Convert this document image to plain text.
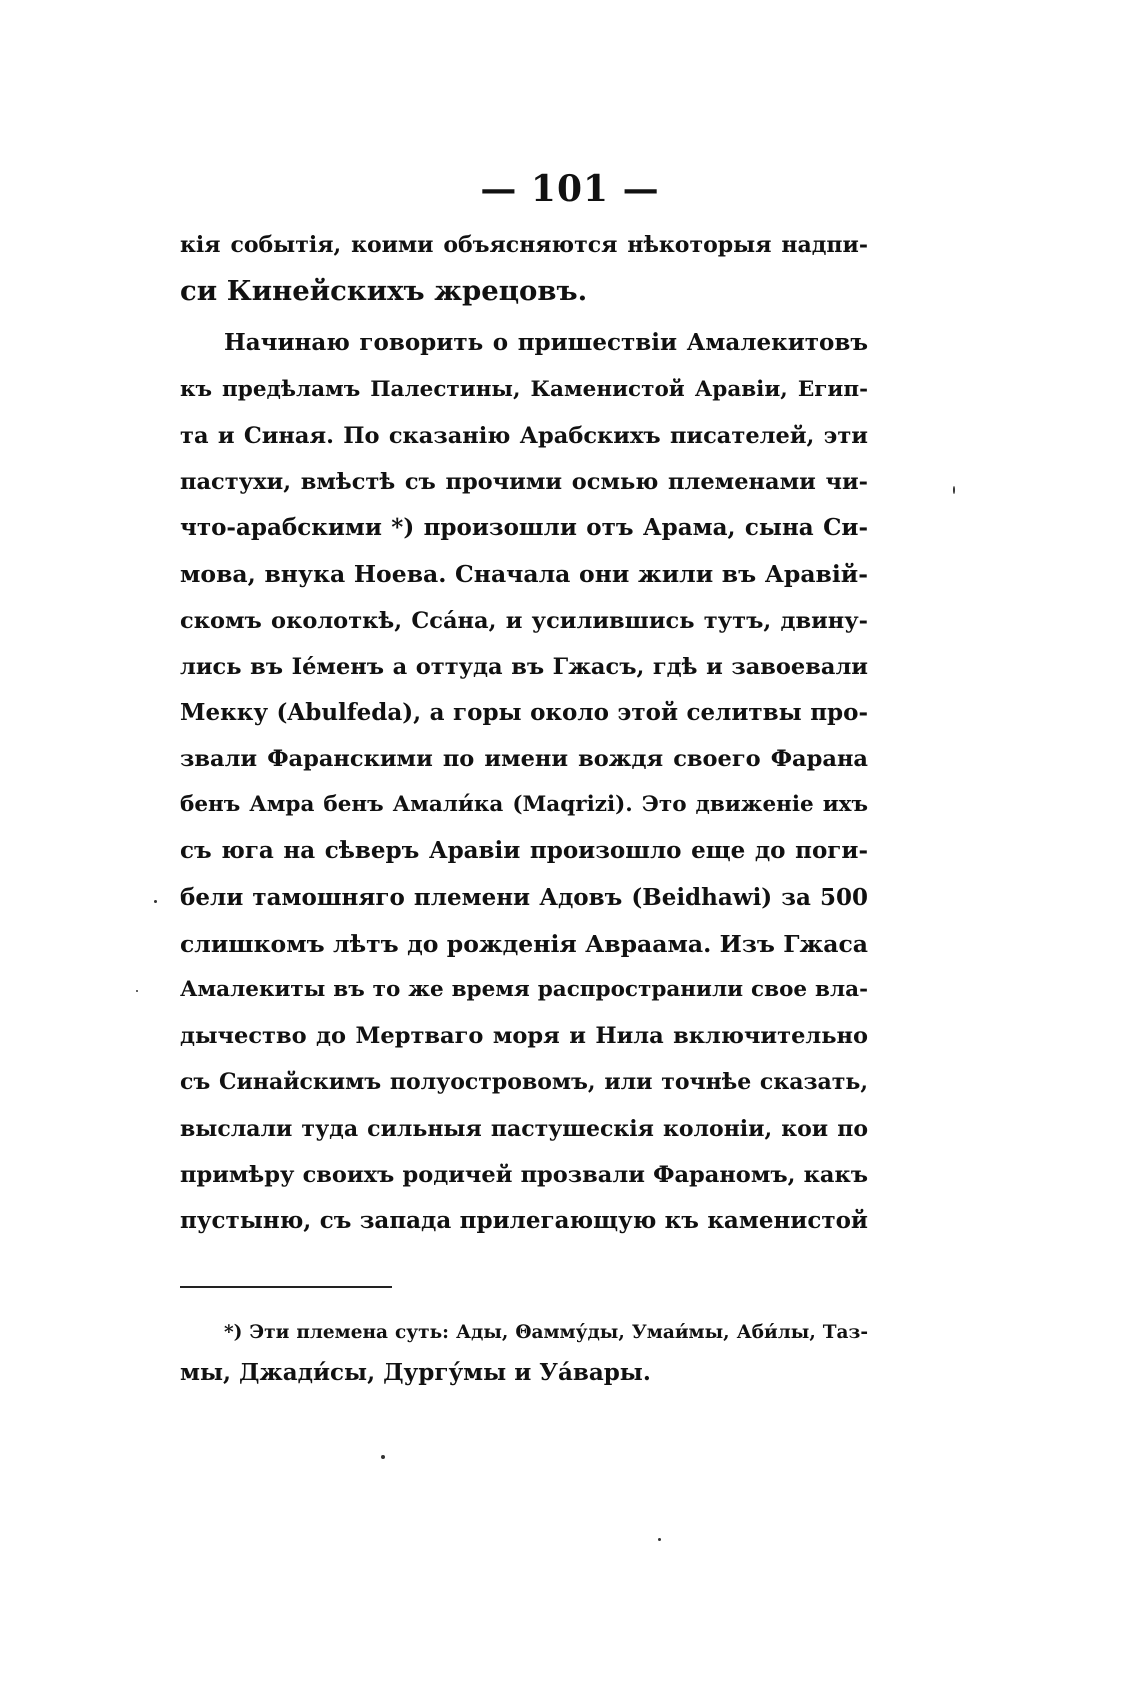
— 101 —
кія событія, коими объясняются нѣкоторыя надпи-
си Кинейскихъ жрецовъ.
Начинаю говорить о пришествіи Амалекитовъ
къ предѣламъ Палестины, Каменистой Аравіи, Егип-
та и Синая. По сказанію Арабскихъ писателей, эти
пастухи, вмѣстѣ съ прочими осмью племенами чи-
что-арабскими *) произошли отъ Арама, сына Си-
мова, внука Ноева. Сначала они жили въ Аравій-
скомъ околоткѣ, Ссáна, и усилившись тутъ, двину-
лись въ Іéменъ а оттуда въ Гжасъ, гдѣ и завоевали
Мекку (Abulfeda), а горы около этой селитвы про-
звали Фаранскими по имени вождя своего Фарана
бенъ Амра бенъ Амали́ка (Maqrizi). Это движеніе ихъ
съ юга на сѣверъ Аравіи произошло еще до поги-
бели тамошняго племени Адовъ (Beidhawi) за 500
слишкомъ лѣтъ до рожденія Авраама. Изъ Гжаса
Амалекиты въ то же время распространили свое вла-
дычество до Мертваго моря и Нила включительно
съ Синайскимъ полуостровомъ, или точнѣе сказать,
выслали туда сильныя пастушескія колоніи, кои по
примѣру своихъ родичей прозвали Фараномъ, какъ
пустыню, съ запада прилегающую къ каменистой
*) Эти племена суть: Ады, Θамму́ды, Умаи́мы, Аби́лы, Таз-
мы, Джади́сы, Дургу́мы и Уа́вары.
